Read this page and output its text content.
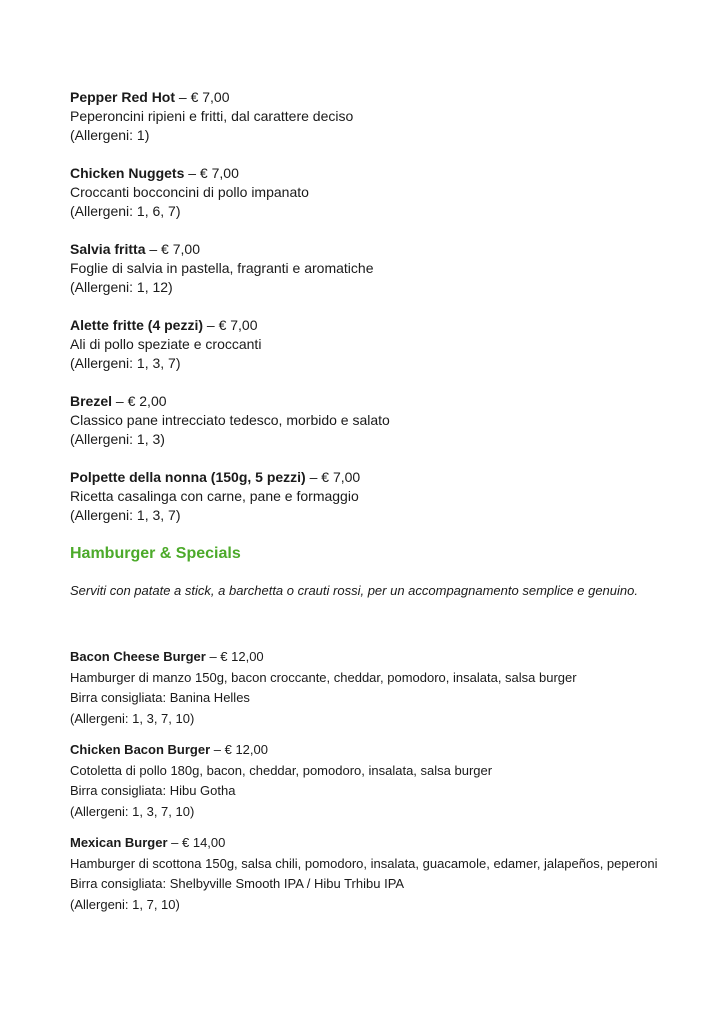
Pepper Red Hot – € 7,00

Peperoncini ripieni e fritti, dal carattere deciso

(Allergeni: 1)

Chicken Nuggets – € 7,00

Croccanti bocconcini di pollo impanato

(Allergeni: 1, 6, 7)

Salvia fritta – € 7,00

Foglie di salvia in pastella, fragranti e aromatiche

(Allergeni: 1, 12)

Alette fritte (4 pezzi) – € 7,00

Ali di pollo speziate e croccanti

(Allergeni: 1, 3, 7)

Brezel – € 2,00

Classico pane intrecciato tedesco, morbido e salato

(Allergeni: 1, 3)

Polpette della nonna (150g, 5 pezzi) – € 7,00

Ricetta casalinga con carne, pane e formaggio

(Allergeni: 1, 3, 7)

Hamburger & Specials
Serviti con patate a stick, a barchetta o crauti rossi, per un accompagnamento semplice e genuino.

Bacon Cheese Burger – € 12,00

Hamburger di manzo 150g, bacon croccante, cheddar, pomodoro, insalata, salsa burger

Birra consigliata: Banina Helles

(Allergeni: 1, 3, 7, 10)

Chicken Bacon Burger – € 12,00

Cotoletta di pollo 180g, bacon, cheddar, pomodoro, insalata, salsa burger

Birra consigliata: Hibu Gotha

(Allergeni: 1, 3, 7, 10)

Mexican Burger – € 14,00

Hamburger di scottona 150g, salsa chili, pomodoro, insalata, guacamole, edamer, jalapeños, peperoni

Birra consigliata: Shelbyville Smooth IPA / Hibu Trhibu IPA

(Allergeni: 1, 7, 10)
